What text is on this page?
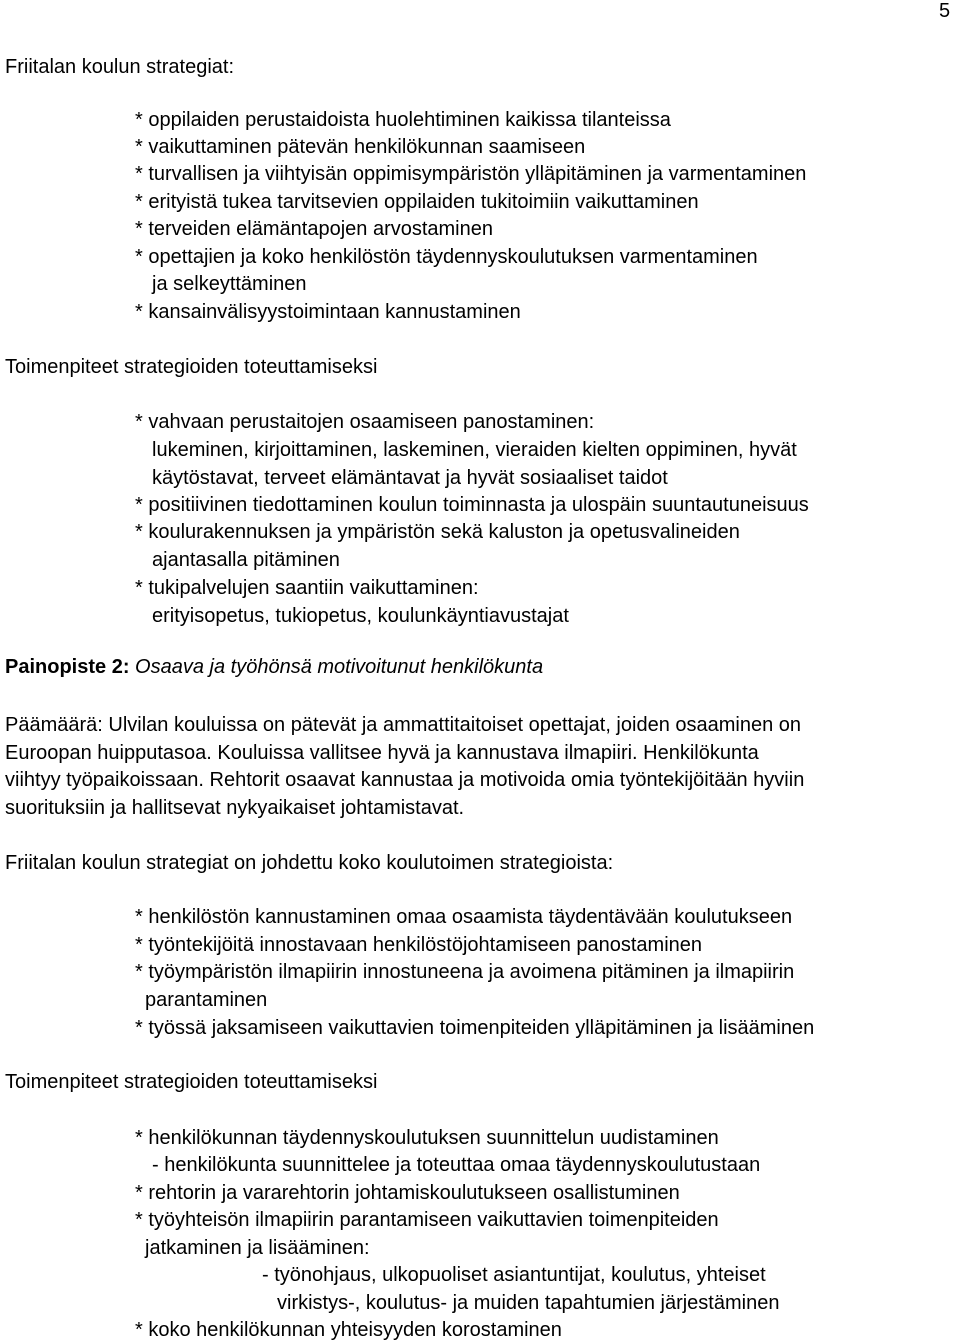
5

Friitalan koulun strategiat:

* oppilaiden perustaidoista huolehtiminen kaikissa tilanteissa

* vaikuttaminen pätevän henkilökunnan saamiseen

* turvallisen ja viihtyisän oppimisympäristön ylläpitäminen ja varmentaminen

* erityistä tukea tarvitsevien oppilaiden tukitoimiin vaikuttaminen

* terveiden elämäntapojen arvostaminen

* opettajien ja koko henkilöstön täydennyskoulutuksen varmentaminen

ja selkeyttäminen

* kansainvälisyystoimintaan kannustaminen

Toimenpiteet strategioiden toteuttamiseksi

* vahvaan perustaitojen osaamiseen panostaminen:

lukeminen, kirjoittaminen, laskeminen, vieraiden kielten oppiminen, hyvät

käytöstavat, terveet elämäntavat ja hyvät sosiaaliset taidot

* positiivinen tiedottaminen koulun toiminnasta ja ulospäin suuntautuneisuus

* koulurakennuksen ja ympäristön sekä kaluston ja opetusvalineiden

ajantasalla pitäminen

* tukipalvelujen saantiin vaikuttaminen:

erityisopetus, tukiopetus, koulunkäyntiavustajat

Painopiste 2: Osaava ja työhönsä motivoitunut henkilökunta

Päämäärä: Ulvilan kouluissa on pätevät ja ammattitaitoiset opettajat, joiden osaaminen on

Euroopan huipputasoa. Kouluissa vallitsee hyvä ja kannustava ilmapiiri. Henkilökunta

viihtyy työpaikoissaan. Rehtorit osaavat kannustaa ja motivoida omia työntekijöitään hyviin

suorituksiin ja hallitsevat nykyaikaiset johtamistavat.

Friitalan koulun strategiat on johdettu koko koulutoimen strategioista:

* henkilöstön kannustaminen omaa osaamista täydentävään koulutukseen

* työntekijöitä innostavaan henkilöstöjohtamiseen panostaminen

* työympäristön ilmapiirin innostuneena ja avoimena pitäminen ja ilmapiirin

parantaminen

* työssä jaksamiseen vaikuttavien toimenpiteiden ylläpitäminen ja lisääminen

Toimenpiteet strategioiden toteuttamiseksi

* henkilökunnan täydennyskoulutuksen suunnittelun uudistaminen

- henkilökunta suunnittelee ja toteuttaa omaa täydennyskoulutustaan

* rehtorin ja vararehtorin johtamiskoulutukseen osallistuminen

* työyhteisön ilmapiirin parantamiseen vaikuttavien toimenpiteiden

jatkaminen ja lisääminen:

- työnohjaus, ulkopuoliset asiantuntijat, koulutus, yhteiset

virkistys-, koulutus- ja muiden tapahtumien järjestäminen

* koko henkilökunnan yhteisyyden korostaminen
